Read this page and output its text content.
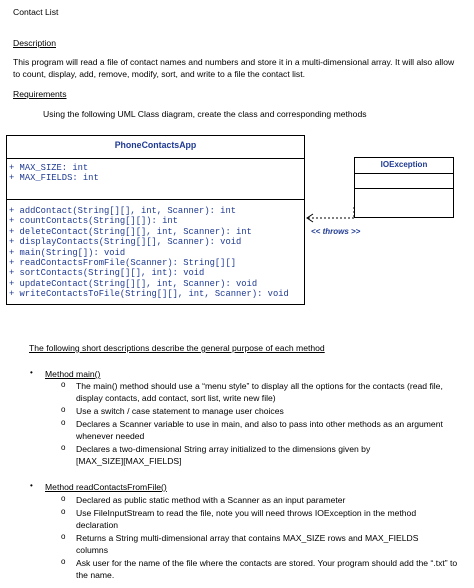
Contact List
Description
This program will read a file of contact names and numbers and store it in a multi-dimensional array. It will also allow to count, display, add, remove, modify, sort, and write to a file the contact list.
Requirements
Using the following UML Class diagram, create the class and corresponding methods
PhoneContactsApp
+ MAX_SIZE: int
+ MAX_FIELDS: int
+ addContact(String[][], int, Scanner): int
+ countContacts(String[][]): int
+ deleteContact(String[][], int, Scanner): int
+ displayContacts(String[][], Scanner): void
+ main(String[]): void
+ readContactsFromFile(Scanner): String[][]
+ sortContacts(String[][], int): void
+ updateContact(String[][], int, Scanner): void
+ writeContactsToFile(String[][], int, Scanner): void
IOException
<< throws >>
The following short descriptions describe the general purpose of each method
• Method main()
o The main() method should use a “menu style” to display all the options for the contacts (read file, display contacts, add contact, sort list, write new file)
o Use a switch / case statement to manage user choices
o Declares a Scanner variable to use in main, and also to pass into other methods as an argument whenever needed
o Declares a two-dimensional String array initialized to the dimensions given by [MAX_SIZE][MAX_FIELDS]
• Method readContactsFromFile()
o Declared as public static method with a Scanner as an input parameter
o Use FileInputStream to read the file, note you will need throws IOException in the method declaration
o Returns a String multi-dimensional array that contains MAX_SIZE rows and MAX_FIELDS columns
o Ask user for the name of the file where the contacts are stored. Your program should add the “.txt” to the name.
